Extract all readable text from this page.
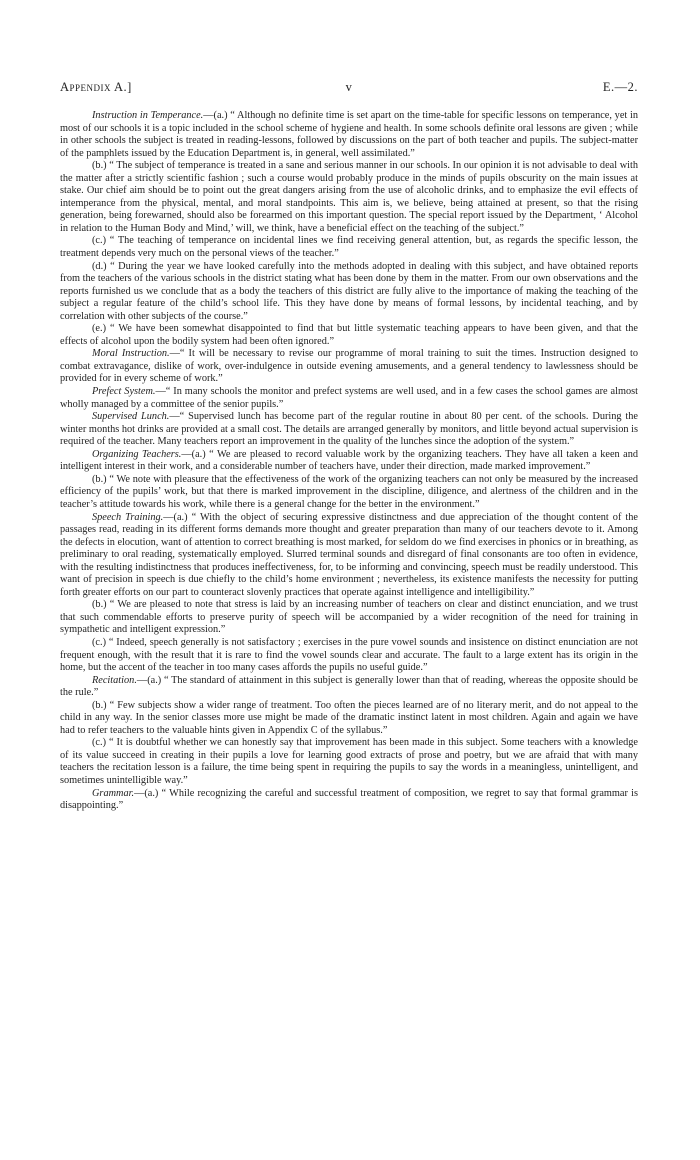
Appendix A.]	v	E.—2.

Instruction in Temperance.—(a.) “ Although no definite time is set apart on the time-table for specific lessons on temperance, yet in most of our schools it is a topic included in the school scheme of hygiene and health. In some schools definite oral lessons are given ; while in other schools the subject is treated in reading-lessons, followed by discussions on the part of both teacher and pupils. The subject-matter of the pamphlets issued by the Education Department is, in general, well assimilated.”

(b.) “ The subject of temperance is treated in a sane and serious manner in our schools. In our opinion it is not advisable to deal with the matter after a strictly scientific fashion ; such a course would probably produce in the minds of pupils obscurity on the main issues at stake. Our chief aim should be to point out the great dangers arising from the use of alcoholic drinks, and to emphasize the evil effects of intemperance from the physical, mental, and moral standpoints. This aim is, we believe, being attained at present, so that the rising generation, being forewarned, should also be forearmed on this important question. The special report issued by the Department, ‘ Alcohol in relation to the Human Body and Mind,’ will, we think, have a beneficial effect on the teaching of the subject.”

(c.) “ The teaching of temperance on incidental lines we find receiving general attention, but, as regards the specific lesson, the treatment depends very much on the personal views of the teacher.”

(d.) “ During the year we have looked carefully into the methods adopted in dealing with this subject, and have obtained reports from the teachers of the various schools in the district stating what has been done by them in the matter. From our own observations and the reports furnished us we conclude that as a body the teachers of this district are fully alive to the importance of making the teaching of the subject a regular feature of the child’s school life. This they have done by means of formal lessons, by incidental teaching, and by correlation with other subjects of the course.”

(e.) “ We have been somewhat disappointed to find that but little systematic teaching appears to have been given, and that the effects of alcohol upon the bodily system had been often ignored.”

Moral Instruction.—“ It will be necessary to revise our programme of moral training to suit the times. Instruction designed to combat extravagance, dislike of work, over-indulgence in outside evening amusements, and a general tendency to lawlessness should be provided for in every scheme of work.”

Prefect System.—“ In many schools the monitor and prefect systems are well used, and in a few cases the school games are almost wholly managed by a committee of the senior pupils.”

Supervised Lunch.—“ Supervised lunch has become part of the regular routine in about 80 per cent. of the schools. During the winter months hot drinks are provided at a small cost. The details are arranged generally by monitors, and little beyond actual supervision is required of the teacher. Many teachers report an improvement in the quality of the lunches since the adoption of the system.”

Organizing Teachers.—(a.) “ We are pleased to record valuable work by the organizing teachers. They have all taken a keen and intelligent interest in their work, and a considerable number of teachers have, under their direction, made marked improvement.”

(b.) “ We note with pleasure that the effectiveness of the work of the organizing teachers can not only be measured by the increased efficiency of the pupils’ work, but that there is marked improvement in the discipline, diligence, and alertness of the children and in the teacher’s attitude towards his work, while there is a general change for the better in the environment.”

Speech Training.—(a.) “ With the object of securing expressive distinctness and due appreciation of the thought content of the passages read, reading in its different forms demands more thought and greater preparation than many of our teachers devote to it. Among the defects in elocution, want of attention to correct breathing is most marked, for seldom do we find exercises in phonics or in breathing, as preliminary to oral reading, systematically employed. Slurred terminal sounds and disregard of final consonants are too often in evidence, with the resulting indistinctness that produces ineffectiveness, for, to be informing and convincing, speech must be readily understood. This want of precision in speech is due chiefly to the child’s home environment ; nevertheless, its existence manifests the necessity for putting forth greater efforts on our part to counteract slovenly practices that operate against intelligence and intelligibility.”

(b.) “ We are pleased to note that stress is laid by an increasing number of teachers on clear and distinct enunciation, and we trust that such commendable efforts to preserve purity of speech will be accompanied by a wider recognition of the need for training in sympathetic and intelligent expression.”

(c.) “ Indeed, speech generally is not satisfactory ; exercises in the pure vowel sounds and insistence on distinct enunciation are not frequent enough, with the result that it is rare to find the vowel sounds clear and accurate. The fault to a large extent has its origin in the home, but the accent of the teacher in too many cases affords the pupils no useful guide.”

Recitation.—(a.) “ The standard of attainment in this subject is generally lower than that of reading, whereas the opposite should be the rule.”

(b.) “ Few subjects show a wider range of treatment. Too often the pieces learned are of no literary merit, and do not appeal to the child in any way. In the senior classes more use might be made of the dramatic instinct latent in most children. Again and again we have had to refer teachers to the valuable hints given in Appendix C of the syllabus.”

(c.) “ It is doubtful whether we can honestly say that improvement has been made in this subject. Some teachers with a knowledge of its value succeed in creating in their pupils a love for learning good extracts of prose and poetry, but we are afraid that with many teachers the recitation lesson is a failure, the time being spent in requiring the pupils to say the words in a meaningless, unintelligent, and sometimes unintelligible way.”

Grammar.—(a.) “ While recognizing the careful and successful treatment of composition, we regret to say that formal grammar is disappointing.”
